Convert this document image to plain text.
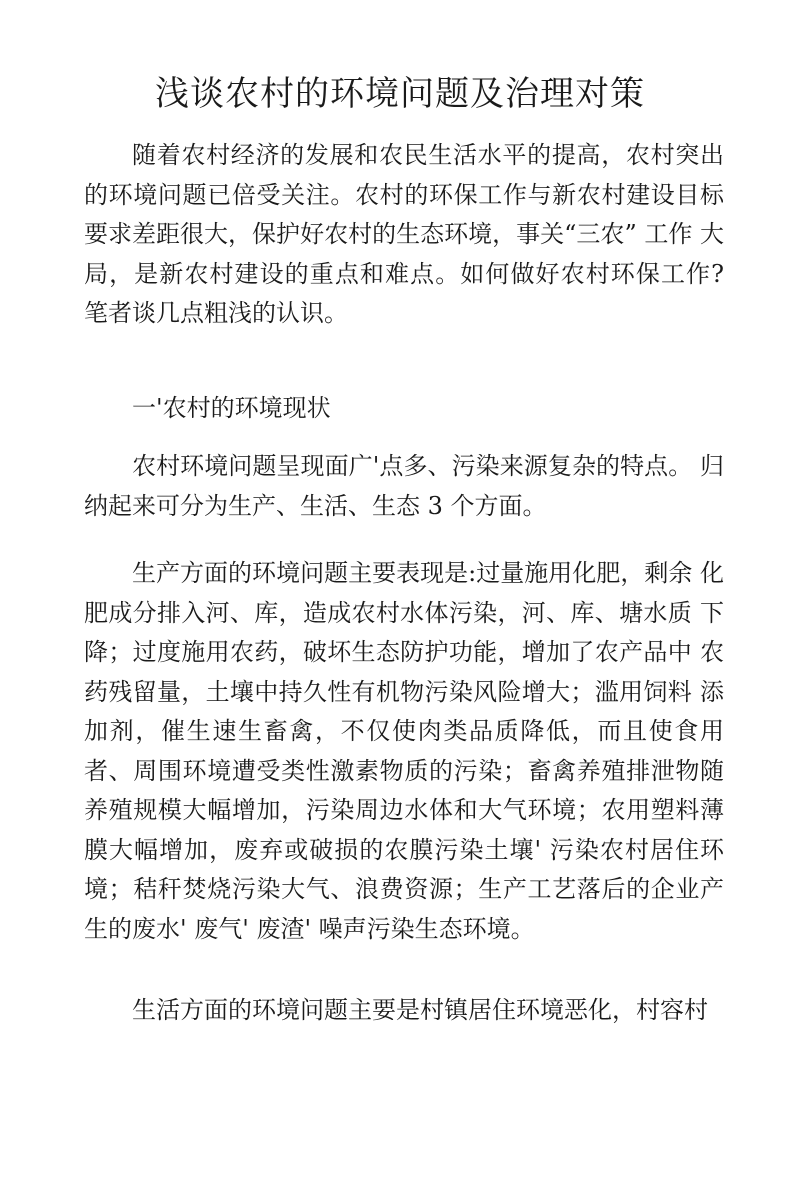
浅谈农村的环境问题及治理对策
随着农村经济的发展和农民生活水平的提高，农村突出 的环境问题已倍受关注。农村的环保工作与新农村建设目标 要求差距很大，保护好农村的生态环境，事关“三农” 工作 大局，是新农村建设的重点和难点。如何做好农村环保工作? 笔者谈几点粗浅的认识。
一'农村的环境现状
农村环境问题呈现面广'点多、污染来源复杂的特点。 归纳起来可分为生产、生活、生态 3 个方面。
生产方面的环境问题主要表现是:过量施用化肥，剩余 化肥成分排入河、库，造成农村水体污染，河、库、塘水质 下降；过度施用农药，破坏生态防护功能，增加了农产品中 农药残留量，土壤中持久性有机物污染风险增大；滥用饲料 添加剂，催生速生畜禽，不仅使肉类品质降低，而且使食用 者、周围环境遭受类性激素物质的污染；畜禽养殖排泄物随 养殖规模大幅增加，污染周边水体和大气环境；农用塑料薄 膜大幅增加，废弃或破损的农膜污染土壤' 污染农村居住环 境；秸秆焚烧污染大气、浪费资源；生产工艺落后的企业产 生的废水' 废气' 废渣' 噪声污染生态环境。
生活方面的环境问题主要是村镇居住环境恶化，村容村
